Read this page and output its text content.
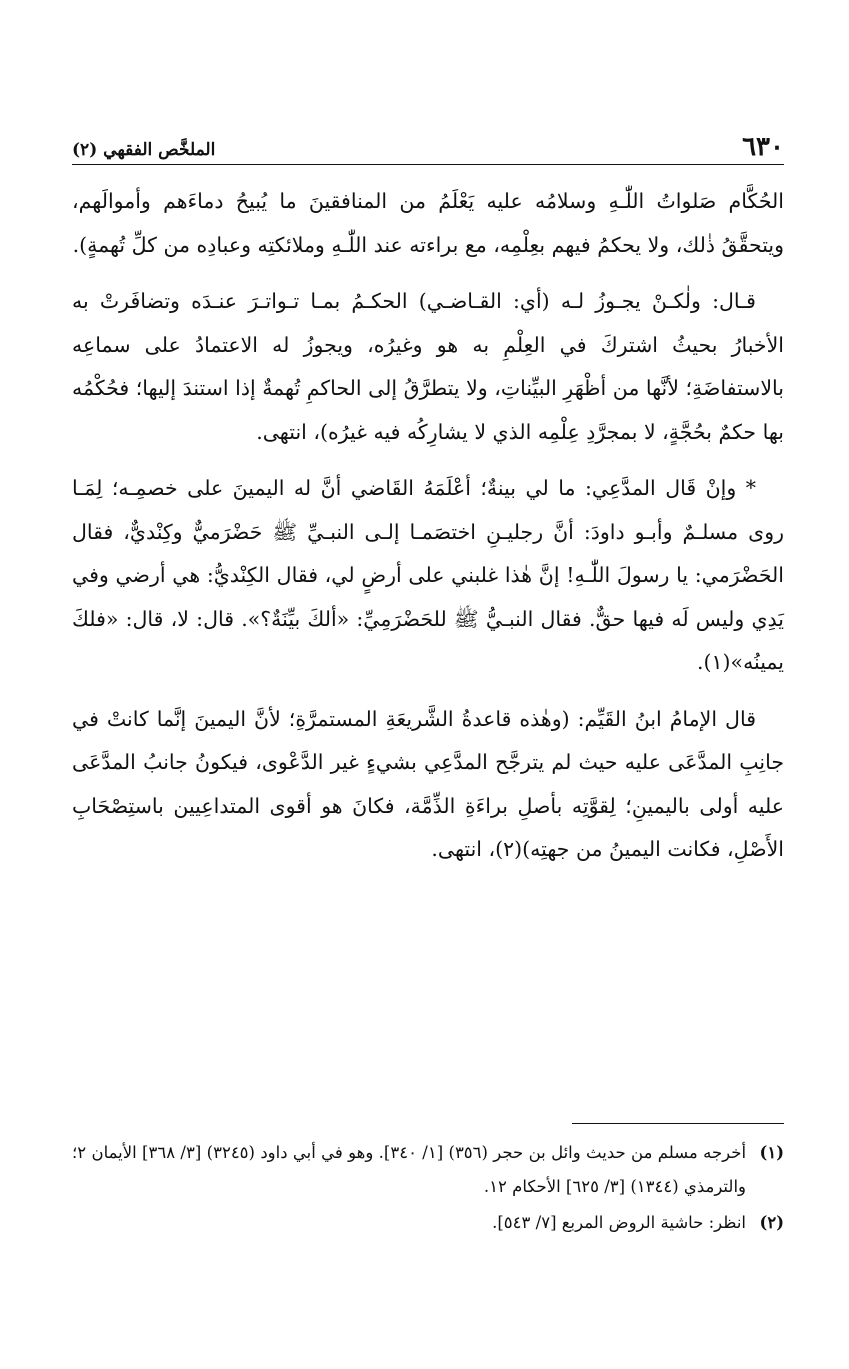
٦٣٠
الملخَّص الفقهي (٢)

الحُكَّام صَلواتُ اللّٰـهِ وسلامُه عليه يَعْلَمُ من المنافقينَ ما يُبيحُ دماءَهم وأموالَهم، ويتحقَّقُ ذٰلك، ولا يحكمُ فيهم بعِلْمِه، مع براءته عند اللّٰـهِ وملائكتِه وعبادِه من كلِّ تُهمةٍ).

قـال: ولٰكـنْ يجـوزُ لـه (أي: القـاضـي) الحكـمُ بمـا تـواتـرَ عنـدَه وتضافَرتْ به الأخبارُ بحيثُ اشتركَ في العِلْمِ به هو وغيرُه، ويجوزُ له الاعتمادُ على سماعِه بالاستفاضَةِ؛ لأنَّها من أظْهَرِ البيِّناتِ، ولا يتطرَّقُ إلى الحاكمِ تُهمةٌ إذا استندَ إليها؛ فحُكْمُه بها حكمٌ بحُجَّةٍ، لا بمجرَّدِ عِلْمِه الذي لا يشارِكُه فيه غيرُه)، انتهى.

* وإنْ قَال المدَّعِي: ما لي بينةٌ؛ أعْلَمَهُ القَاضي أنَّ له اليمينَ على خصمِـه؛ لِمَـا روى مسلـمٌ وأبـو داودَ: أنَّ رجليـنِ اختصَمـا إلـى النبـيِّ ﷺ حَضْرَميٌّ وكِنْديٌّ، فقال الحَضْرَمي: يا رسولَ اللّٰـهِ! إنَّ هٰذا غلبني على أرضٍ لي، فقال الكِنْديُّ: هي أرضي وفي يَدِي وليس لَه فيها حقٌّ. فقال النبـيُّ ﷺ للحَضْرَمِيِّ: «ألكَ بيِّنَةٌ؟». قال: لا، قال: «فلكَ يمينُه»(١).

قال الإمامُ ابنُ القَيِّم: (وهٰذه قاعدةُ الشَّريعَةِ المستمرَّةِ؛ لأنَّ اليمينَ إنَّما كانتْ في جانِبِ المدَّعَى عليه حيث لم يترجَّح المدَّعِي بشيءٍ غير الدَّعْوى، فيكونُ جانبُ المدَّعَى عليه أولى باليمينِ؛ لِقوَّتِه بأصلِ براءَةِ الذِّمَّة، فكانَ هو أقوى المتداعِيين باستِصْحَابِ الأَصْلِ، فكانت اليمينُ من جهتِه)(٢)، انتهى.

(١)
أخرجه مسلم من حديث وائل بن حجر (٣٥٦) [١/ ٣٤٠]. وهو في أبي داود (٣٢٤٥) [٣/ ٣٦٨] الأيمان ٢؛ والترمذي (١٣٤٤) [٣/ ٦٢٥] الأحكام ١٢.
(٢)
انظر: حاشية الروض المربع [٧/ ٥٤٣].
